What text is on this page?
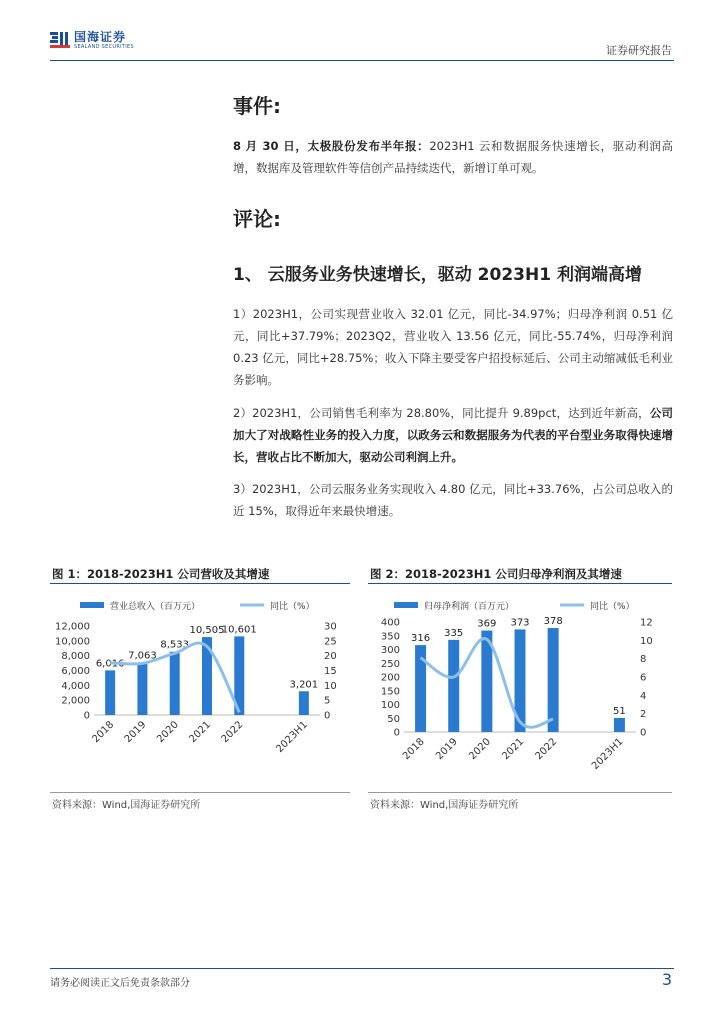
国海证券
SEALAND SECURITIES	证券研究报告
事件:

8 月 30 日，太极股份发布半年报：2023H1 云和数据服务快速增长，驱动利润高增，数据库及管理软件等信创产品持续迭代，新增订单可观。

评论:
1、 云服务业务快速增长，驱动 2023H1 利润端高增

1）2023H1，公司实现营业收入 32.01 亿元，同比-34.97%；归母净利润 0.51 亿元，同比+37.79%；2023Q2，营业收入 13.56 亿元，同比-55.74%，归母净利润 0.23 亿元，同比+28.75%；收入下降主要受客户招投标延后、公司主动缩减低毛利业务影响。

2）2023H1，公司销售毛利率为 28.80%，同比提升 9.89pct，达到近年新高，公司加大了对战略性业务的投入力度，以政务云和数据服务为代表的平台型业务取得快速增长，营收占比不断加大，驱动公司利润上升。

3）2023H1，公司云服务业务实现收入 4.80 亿元，同比+33.76%，占公司总收入的近 15%，取得近年来最快增速。

图 1：2018-2023H1 公司营收及其增速
营业总收入（百万元）	同比（%）
12,000
10,000
8,000
6,000
4,000
2,000
0
30
25
20
15
10
5
0
6,016
7,063
8,533
10,505
10,601
3,201
2018 2019 2020 2021 2022	2023H1
资料来源：Wind,国海证券研究所
图 2：2018-2023H1 公司归母净利润及其增速
归母净利润（百万元）	同比（%）
400
350
300
250
200
150
100
50
0
12
10
8
6
4
2
0
316 335
369 373 378
51
2018 2019 2020 2021 2022	2023H1
资料来源：Wind,国海证券研究所
请务必阅读正文后免责条款部分	3
